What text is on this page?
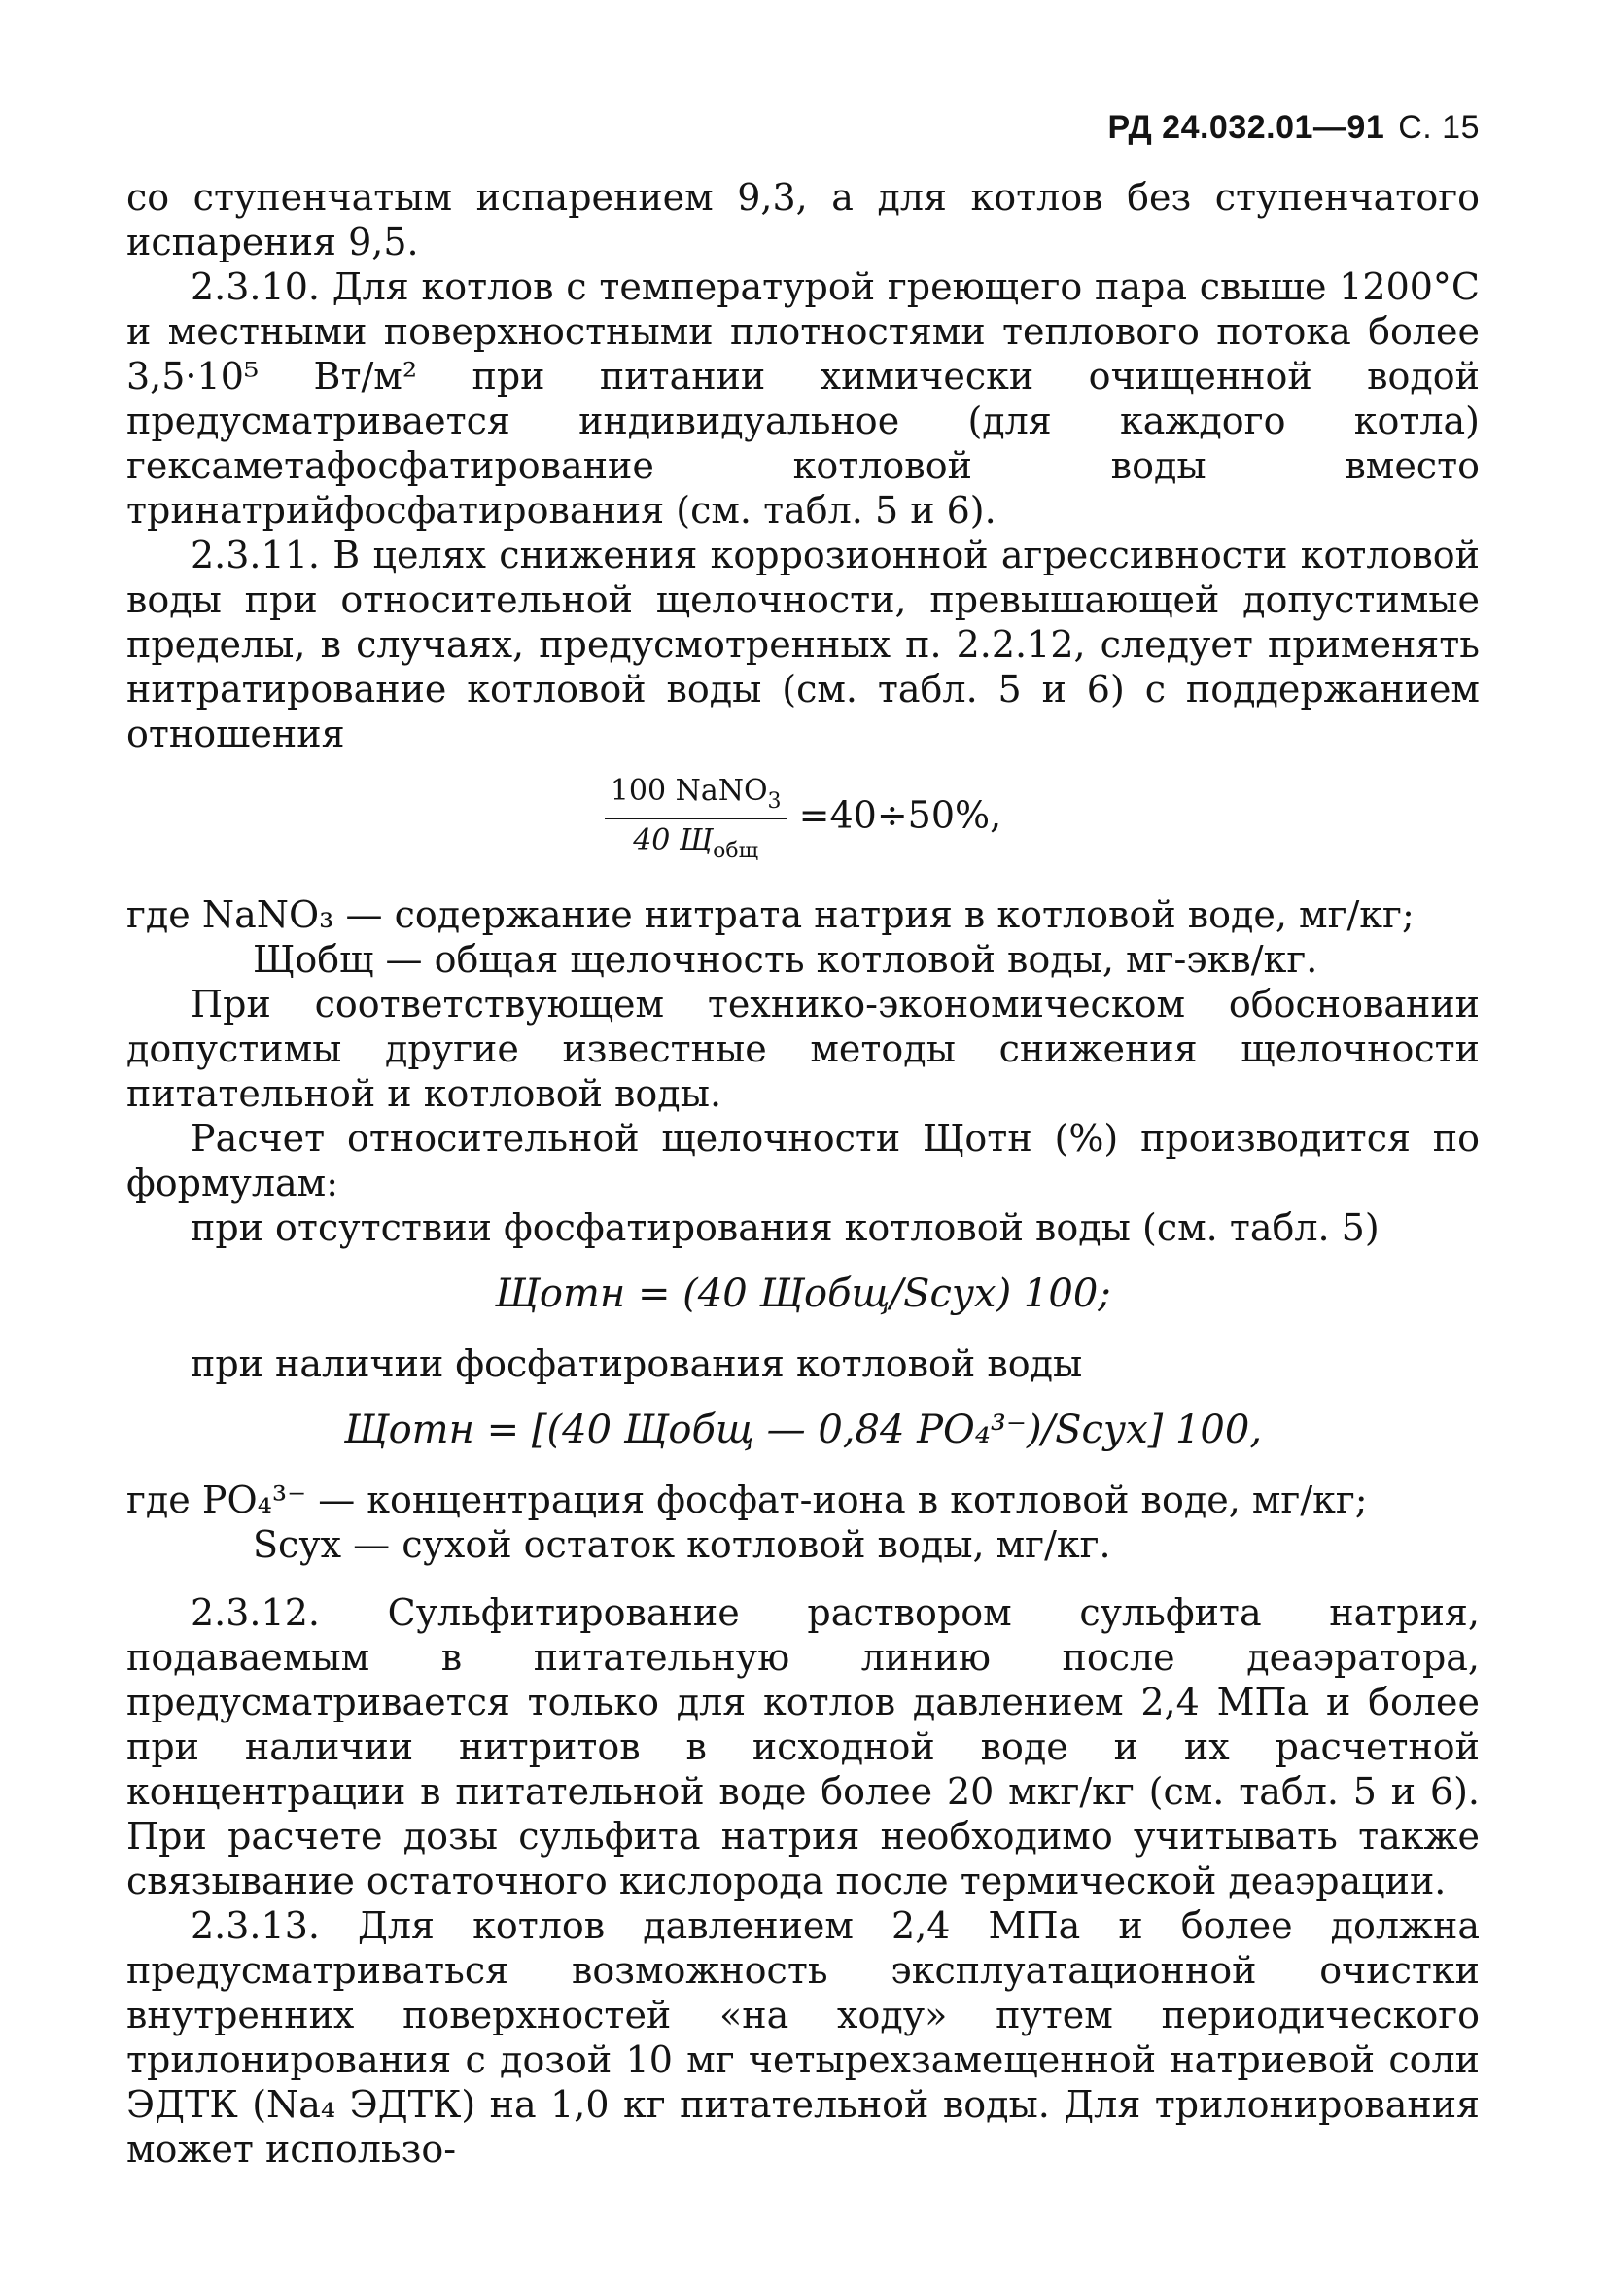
РД 24.032.01—91 С. 15

со ступенчатым испарением 9,3, а для котлов без ступенчатого испарения 9,5.

2.3.10. Для котлов с температурой греющего пара свыше 1200°С и местными поверхностными плотностями теплового потока более 3,5·10⁵ Вт/м² при питании химически очищенной водой предусматривается индивидуальное (для каждого котла) гексаметафосфатирование котловой воды вместо тринатрийфосфатирования (см. табл. 5 и 6).

2.3.11. В целях снижения коррозионной агрессивности котловой воды при относительной щелочности, превышающей допустимые пределы, в случаях, предусмотренных п. 2.2.12, следует применять нитратирование котловой воды (см. табл. 5 и 6) с поддержанием отношения

$\frac{100 NaNO_3}{40 Щ_{общ}} =40\div 50\%$,

где NaNO₃ — содержание нитрата натрия в котловой воде, мг/кг;

Щобщ — общая щелочность котловой воды, мг-экв/кг.

При соответствующем технико-экономическом обосновании допустимы другие известные методы снижения щелочности питательной и котловой воды.

Расчет относительной щелочности Щотн (%) производится по формулам:

при отсутствии фосфатирования котловой воды (см. табл. 5)

Щотн = (40 Щобщ/Sсух) 100;

при наличии фосфатирования котловой воды

Щотн = [(40 Щобщ — 0,84 PO₄³⁻)/Sсух] 100,

где PO₄³⁻ — концентрация фосфат-иона в котловой воде, мг/кг;

Sсух — сухой остаток котловой воды, мг/кг.

2.3.12. Сульфитирование раствором сульфита натрия, подаваемым в питательную линию после деаэратора, предусматривается только для котлов давлением 2,4 МПа и более при наличии нитритов в исходной воде и их расчетной концентрации в питательной воде более 20 мкг/кг (см. табл. 5 и 6). При расчете дозы сульфита натрия необходимо учитывать также связывание остаточного кислорода после термической деаэрации.

2.3.13. Для котлов давлением 2,4 МПа и более должна предусматриваться возможность эксплуатационной очистки внутренних поверхностей «на ходу» путем периодического трилонирования с дозой 10 мг четырехзамещенной натриевой соли ЭДТК (Na₄ ЭДТК) на 1,0 кг питательной воды. Для трилонирования может использо-
